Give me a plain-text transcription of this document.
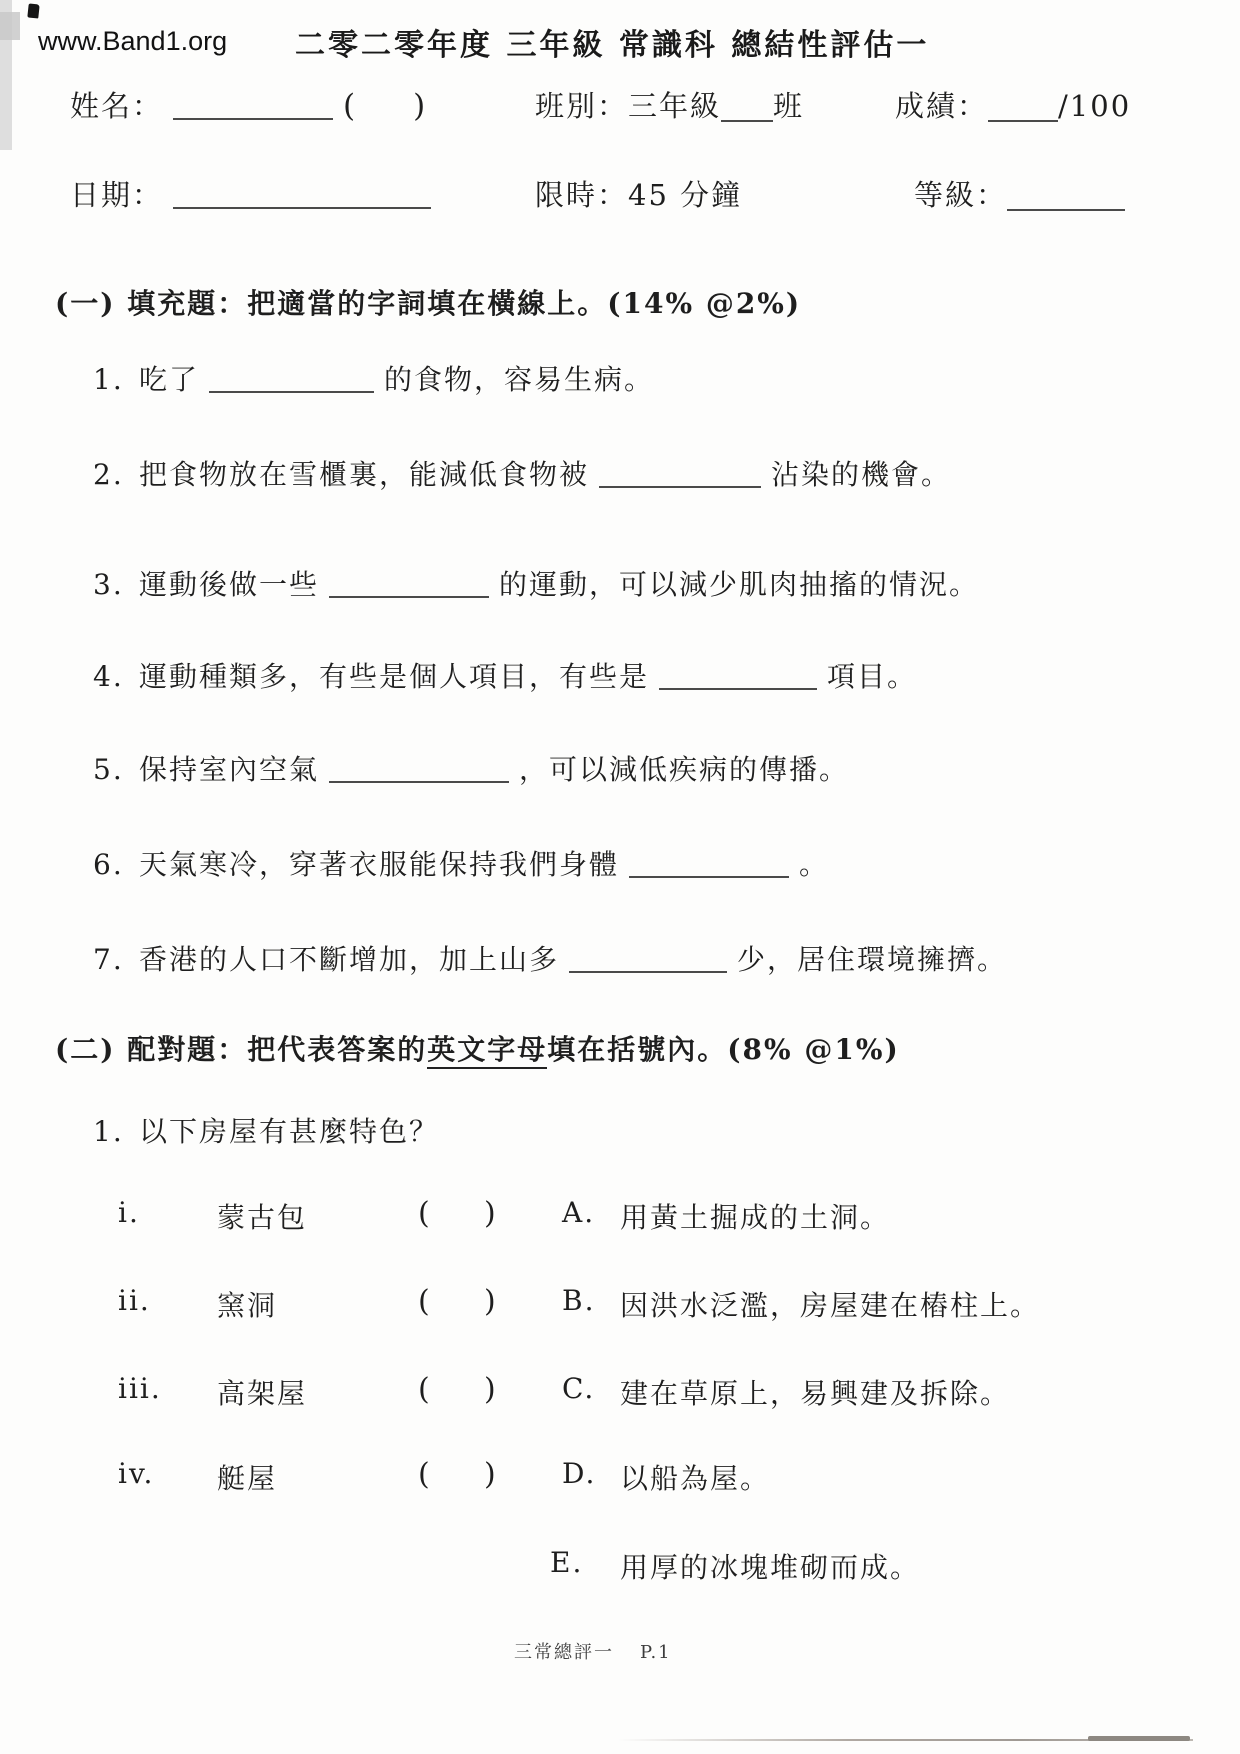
www.Band1.org 二零二零年度 三年級 常識科 總結性評估一
姓名：	( )	班別：三年級 班	成績： /100
日期：	限時：45 分鐘	等級：
(一) 填充題：把適當的字詞填在橫線上。(14% @2%)
1. 吃了	的食物，容易生病。
2. 把食物放在雪櫃裏，能減低食物被	沾染的機會。
3. 運動後做一些	的運動，可以減少肌肉抽搐的情況。
4. 運動種類多，有些是個人項目，有些是	項目。
5. 保持室內空氣	，可以減低疾病的傳播。
6. 天氣寒冷，穿著衣服能保持我們身體	。
7. 香港的人口不斷增加，加上山多	少，居住環境擁擠。
(二) 配對題：把代表答案的英文字母填在括號內。(8% @1%)
1. 以下房屋有甚麼特色？
i.	蒙古包	( ) A. 用黃土掘成的土洞。
ii. 窯洞	( ) B. 因洪水泛濫，房屋建在樁柱上。
iii. 高架屋	( ) C. 建在草原上，易興建及拆除。
iv. 艇屋	( ) D. 以船為屋。
E. 用厚的冰塊堆砌而成。
三常總評一 P.1
